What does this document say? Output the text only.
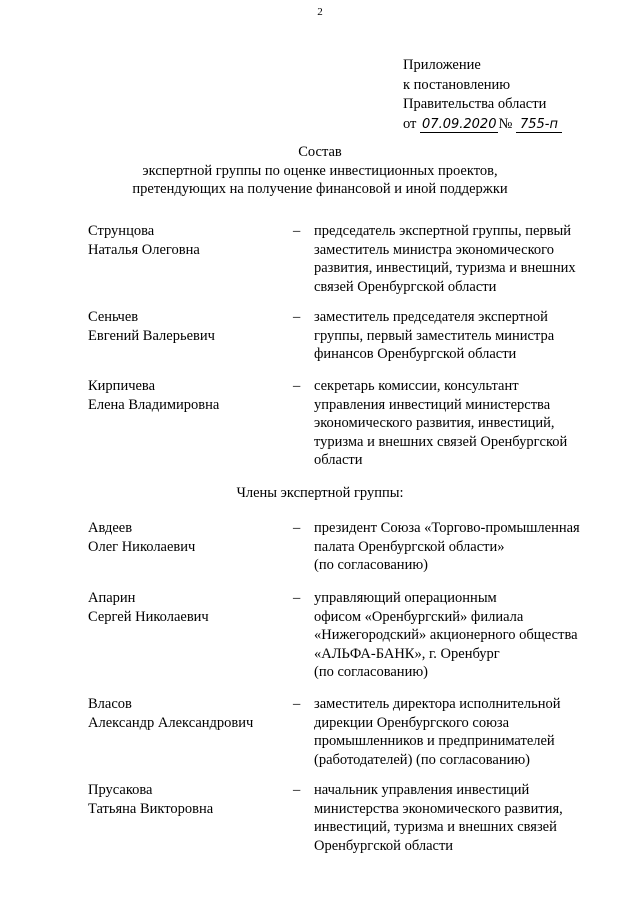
2
Приложение
к постановлению
Правительства области
от 07.09.2020 № 755-п
Состав
экспертной группы по оценке инвестиционных проектов,
претендующих на получение финансовой и иной поддержки
Струнцова
Наталья Олеговна
– председатель экспертной группы, первый
заместитель министра экономического
развития, инвестиций, туризма и внешних
связей Оренбургской области
Сеньчев
Евгений Валерьевич
– заместитель председателя экспертной
группы, первый заместитель министра
финансов Оренбургской области
Кирпичева
Елена Владимировна
– секретарь комиссии, консультант
управления инвестиций министерства
экономического развития, инвестиций,
туризма и внешних связей Оренбургской
области
Члены экспертной группы:
Авдеев
Олег Николаевич
– президент Союза «Торгово-промышленная
палата Оренбургской области»
(по согласованию)
Апарин
Сергей Николаевич
– управляющий операционным
офисом «Оренбургский» филиала
«Нижегородский» акционерного общества
«АЛЬФА-БАНК», г. Оренбург
(по согласованию)
Власов
Александр Александрович
– заместитель директора исполнительной
дирекции Оренбургского союза
промышленников и предпринимателей
(работодателей) (по согласованию)
Прусакова
Татьяна Викторовна
– начальник управления инвестиций
министерства экономического развития,
инвестиций, туризма и внешних связей
Оренбургской области
